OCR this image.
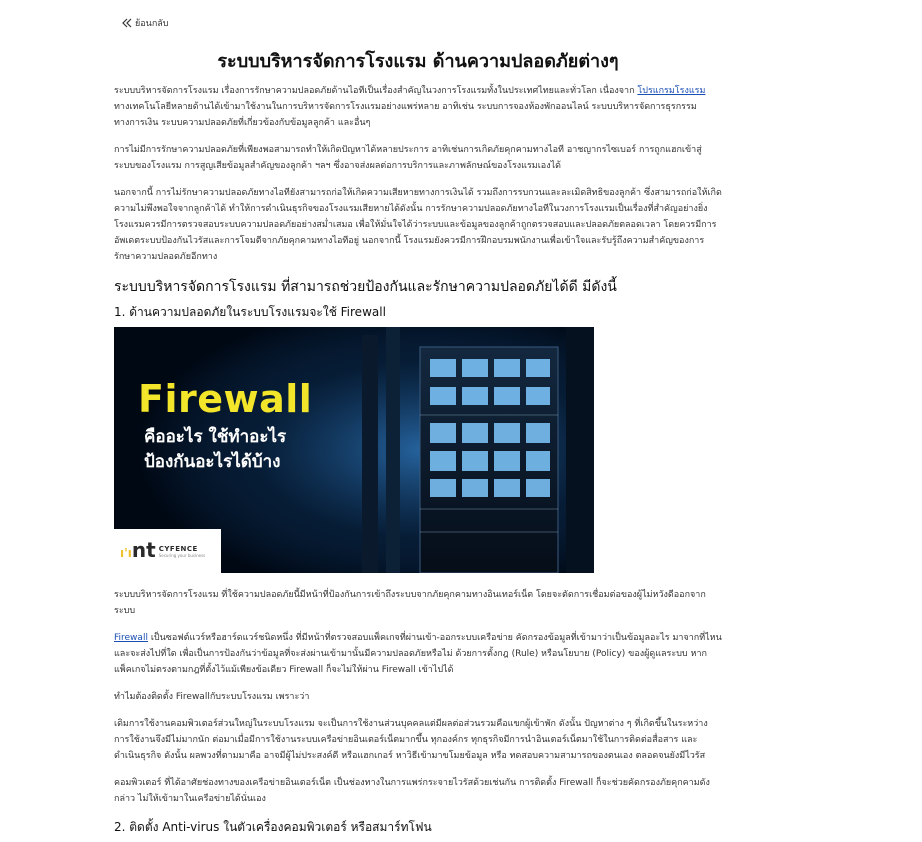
ย้อนกลับ
ระบบบริหารจัดการโรงแรม ด้านความปลอดภัยต่างๆ

ระบบบริหารจัดการโรงแรม เรื่องการรักษาความปลอดภัยด้านไอทีเป็นเรื่องสำคัญในวงการโรงแรมทั้งในประเทศไทยและทั่วโลก เนื่องจาก โปรแกรมโรงแรม ทางเทคโนโลยีหลายด้านได้เข้ามาใช้งานในการบริหารจัดการโรงแรมอย่างแพร่หลาย อาทิเช่น ระบบการจองห้องพักออนไลน์ ระบบบริหารจัดการธุรกรรมทางการเงิน ระบบความปลอดภัยที่เกี่ยวข้องกับข้อมูลลูกค้า และอื่นๆ

การไม่มีการรักษาความปลอดภัยที่เพียงพอสามารถทำให้เกิดปัญหาได้หลายประการ อาทิเช่นการเกิดภัยคุกคามทางไอที อาชญากรไซเบอร์ การถูกแฮกเข้าสู่ระบบของโรงแรม การสูญเสียข้อมูลสำคัญของลูกค้า ฯลฯ ซึ่งอาจส่งผลต่อการบริการและภาพลักษณ์ของโรงแรมเองได้

นอกจากนี้ การไม่รักษาความปลอดภัยทางไอทียังสามารถก่อให้เกิดความเสียหายทางการเงินได้ รวมถึงการรบกวนและละเมิดสิทธิของลูกค้า ซึ่งสามารถก่อให้เกิดความไม่พึงพอใจจากลูกค้าได้ ทำให้การดำเนินธุรกิจของโรงแรมเสียหายได้ดังนั้น การรักษาความปลอดภัยทางไอทีในวงการโรงแรมเป็นเรื่องที่สำคัญอย่างยิ่ง โรงแรมควรมีการตรวจสอบระบบความปลอดภัยอย่างสม่ำเสมอ เพื่อให้มั่นใจได้ว่าระบบและข้อมูลของลูกค้าถูกตรวจสอบและปลอดภัยตลอดเวลา โดยควรมีการอัพเดตระบบป้องกันไวรัสและการโจมตีจากภัยคุกคามทางไอทีอยู่ นอกจากนี้ โรงแรมยังควรมีการฝึกอบรมพนักงานเพื่อเข้าใจและรับรู้ถึงความสำคัญของการรักษาความปลอดภัยอีกทาง

ระบบบริหารจัดการโรงแรม ที่สามารถช่วยป้องกันและรักษาความปลอดภัยได้ดี มีดังนี้
1. ด้านความปลอดภัยในระบบโรงแรมจะใช้ Firewall
Firewall
คืออะไร ใช้ทำอะไร
ป้องกันอะไรได้บ้าง
ı'ınt CYFENCE
Securing your business

ระบบบริหารจัดการโรงแรม ที่ใช้ความปลอดภัยนี้มีหน้าที่ป้องกันการเข้าถึงระบบจากภัยคุกคามทางอินเทอร์เน็ต โดยจะตัดการเชื่อมต่อของผู้ไม่หวังดีออกจากระบบ

Firewall เป็นซอฟต์แวร์หรือฮาร์ดแวร์ชนิดหนึ่ง ที่มีหน้าที่ตรวจสอบแพ็คเกจที่ผ่านเข้า-ออกระบบเครือข่าย คัดกรองข้อมูลที่เข้ามาว่าเป็นข้อมูลอะไร มาจากที่ไหนและจะส่งไปที่ใด เพื่อเป็นการป้องกันว่าข้อมูลที่จะส่งผ่านเข้ามานั้นมีความปลอดภัยหรือไม่ ด้วยการตั้งกฎ (Rule) หรือนโยบาย (Policy) ของผู้ดูแลระบบ หากแพ็คเกจไม่ตรงตามกฎที่ตั้งไว้แม้เพียงข้อเดียว Firewall ก็จะไม่ให้ผ่าน Firewall เข้าไปได้

ทำไมต้องติดตั้ง Firewallกับระบบโรงแรม เพราะว่า

เดิมการใช้งานคอมพิวเตอร์ส่วนใหญ่ในระบบโรงแรม จะเป็นการใช้งานส่วนบุคคลแต่มีผลต่อส่วนรวมคือแขกผู้เข้าพัก ดังนั้น ปัญหาต่าง ๆ ที่เกิดขึ้นในระหว่างการใช้งานจึงมีไม่มากนัก ต่อมาเมื่อมีการใช้งานระบบเครือข่ายอินเตอร์เน็ตมากขึ้น ทุกองค์กร ทุกธุรกิจมีการนำอินเตอร์เน็ตมาใช้ในการติดต่อสื่อสาร และ ดำเนินธุรกิจ ดังนั้น ผลพวงที่ตามมาคือ อาจมีผู้ไม่ประสงค์ดี หรือแฮกเกอร์ หาวิธีเข้ามาขโมยข้อมูล หรือ ทดสอบความสามารถของตนเอง ตลอดจนยังมีไวรัส

คอมพิวเตอร์ ที่ได้อาศัยช่องทางของเครือข่ายอินเตอร์เน็ต เป็นช่องทางในการแพร่กระจายไวรัสด้วยเช่นกัน การติดตั้ง Firewall ก็จะช่วยคัดกรองภัยคุกคามดังกล่าว ไม่ให้เข้ามาในเครือข่ายได้นั่นเอง

2. ติดตั้ง Anti-virus ในตัวเครื่องคอมพิวเตอร์ หรือสมาร์ทโฟน
